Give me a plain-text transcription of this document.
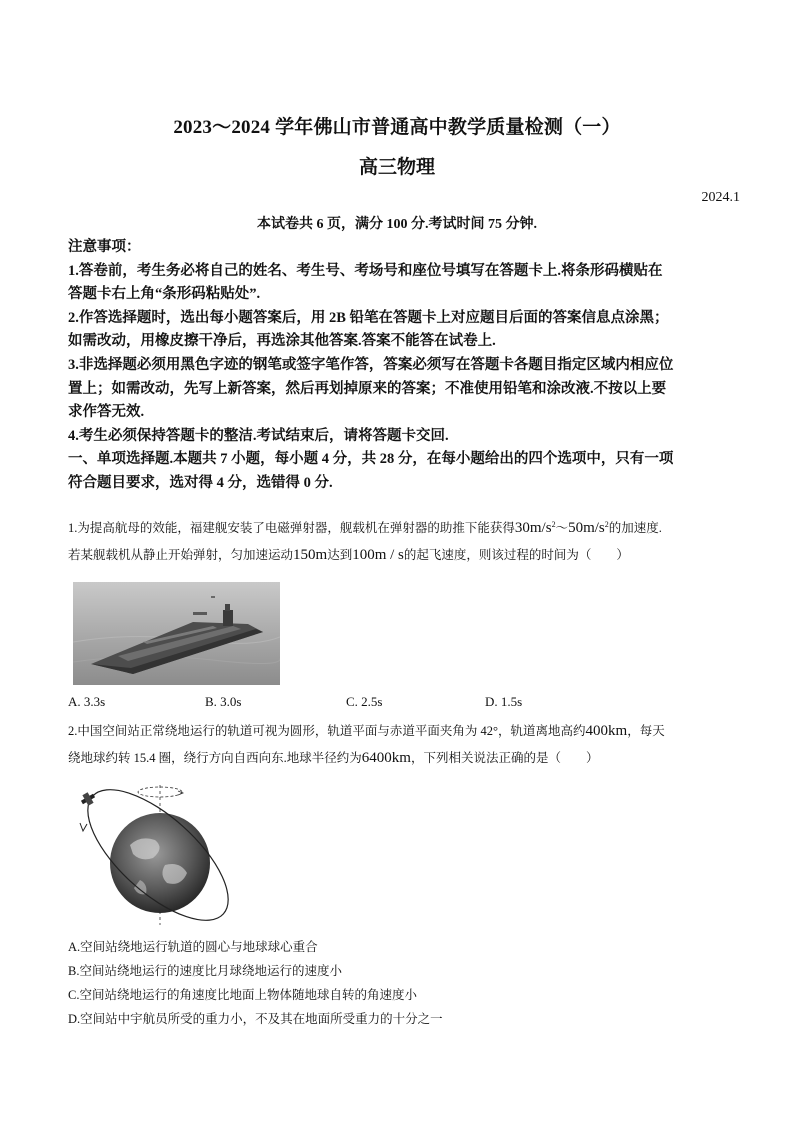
2023～2024 学年佛山市普通高中教学质量检测（一）
高三物理
2024.1
本试卷共 6 页，满分 100 分.考试时间 75 分钟.
注意事项：
1.答卷前，考生务必将自己的姓名、考生号、考场号和座位号填写在答题卡上.将条形码横贴在
答题卡右上角“条形码粘贴处”.
2.作答选择题时，选出每小题答案后，用 2B 铅笔在答题卡上对应题目后面的答案信息点涂黑；
如需改动，用橡皮擦干净后，再选涂其他答案.答案不能答在试卷上.
3.非选择题必须用黑色字迹的钢笔或签字笔作答，答案必须写在答题卡各题目指定区域内相应位
置上；如需改动，先写上新答案，然后再划掉原来的答案；不准使用铅笔和涂改液.不按以上要
求作答无效.
4.考生必须保持答题卡的整洁.考试结束后，请将答题卡交回.
一、单项选择题.本题共 7 小题，每小题 4 分，共 28 分，在每小题给出的四个选项中，只有一项
符合题目要求，选对得 4 分，选错得 0 分.
1.为提高航母的效能，福建舰安装了电磁弹射器，舰载机在弹射器的助推下能获得$30m/s^2\sim 50m/s^2$的加速度.
若某舰载机从静止开始弹射，匀加速运动150m达到100m / s的起飞速度，则该过程的时间为（　　）
A. 3.3s	B. 3.0s	C. 2.5s	D. 1.5s
2.中国空间站正常绕地运行的轨道可视为圆形，轨道平面与赤道平面夹角为 42°，轨道离地高约400km，每天
绕地球约转 15.4 圈，绕行方向自西向东.地球半径约为6400km，下列相关说法正确的是（　　）
A.空间站绕地运行轨道的圆心与地球球心重合
B.空间站绕地运行的速度比月球绕地运行的速度小
C.空间站绕地运行的角速度比地面上物体随地球自转的角速度小
D.空间站中宇航员所受的重力小，不及其在地面所受重力的十分之一
